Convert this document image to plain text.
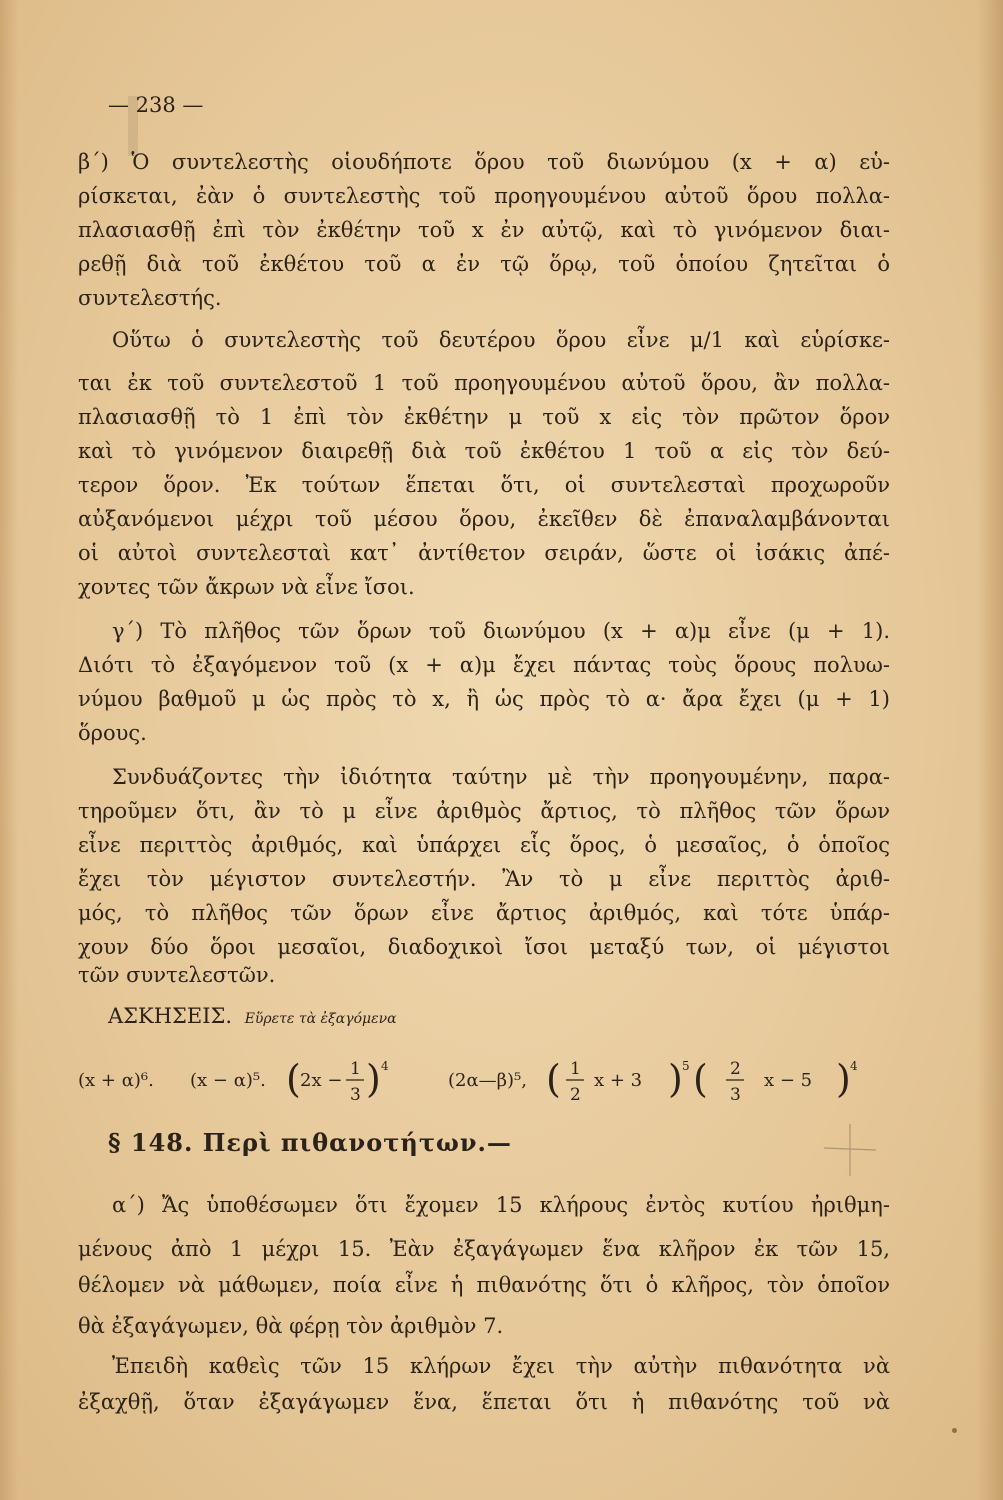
— 238 —
β΄) Ὁ συντελεστὴς οἱουδήποτε ὅρου τοῦ διωνύμου (x + α) εὑ-
ρίσκεται, ἐὰν ὁ συντελεστὴς τοῦ προηγουμένου αὐτοῦ ὅρου πολλα-
πλασιασθῇ ἐπὶ τὸν ἐκθέτην τοῦ x ἐν αὐτῷ, καὶ τὸ γινόμενον διαι-
ρεθῇ διὰ τοῦ ἐκθέτου τοῦ α ἐν τῷ ὅρῳ, τοῦ ὁποίου ζητεῖται ὁ
συντελεστής.
Οὕτω ὁ συντελεστὴς τοῦ δευτέρου ὅρου εἶνε μ/1 καὶ εὑρίσκε-
ται ἐκ τοῦ συντελεστοῦ 1 τοῦ προηγουμένου αὐτοῦ ὅρου, ἂν πολλα-
πλασιασθῇ τὸ 1 ἐπὶ τὸν ἐκθέτην μ τοῦ x εἰς τὸν πρῶτον ὅρον
καὶ τὸ γινόμενον διαιρεθῇ διὰ τοῦ ἐκθέτου 1 τοῦ α εἰς τὸν δεύ-
τερον ὅρον. Ἐκ τούτων ἕπεται ὅτι, οἱ συντελεσταὶ προχωροῦν
αὐξανόμενοι μέχρι τοῦ μέσου ὅρου, ἐκεῖθεν δὲ ἐπαναλαμβάνονται
οἱ αὐτοὶ συντελεσταὶ κατ᾿ ἀντίθετον σειράν, ὥστε οἱ ἰσάκις ἀπέ-
χοντες τῶν ἄκρων νὰ εἶνε ἴσοι.
γ΄) Τὸ πλῆθος τῶν ὅρων τοῦ διωνύμου (x + α)μ εἶνε (μ + 1).
Διότι τὸ ἐξαγόμενον τοῦ (x + α)μ ἔχει πάντας τοὺς ὅρους πολυω-
νύμου βαθμοῦ μ ὡς πρὸς τὸ x, ἢ ὡς πρὸς τὸ α· ἄρα ἔχει (μ + 1)
ὅρους.
Συνδυάζοντες τὴν ἰδιότητα ταύτην μὲ τὴν προηγουμένην, παρα-
τηροῦμεν ὅτι, ἂν τὸ μ εἶνε ἀριθμὸς ἄρτιος, τὸ πλῆθος τῶν ὅρων
εἶνε περιττὸς ἀριθμός, καὶ ὑπάρχει εἷς ὅρος, ὁ μεσαῖος, ὁ ὁποῖος
ἔχει τὸν μέγιστον συντελεστήν. Ἂν τὸ μ εἶνε περιττὸς ἀριθ-
μός, τὸ πλῆθος τῶν ὅρων εἶνε ἄρτιος ἀριθμός, καὶ τότε ὑπάρ-
χουν δύο ὅροι μεσαῖοι, διαδοχικοὶ ἴσοι μεταξύ των, οἱ μέγιστοι
τῶν συντελεστῶν.
ΑΣΚΗΣΕΙΣ. Εὕρετε τὰ ἐξαγόμενα
(x + α)⁶. (x − α)⁵. ( 2x −
1
3 ) 4
(2α—β)⁵, ( 1
2
x + 3 ) 5 ( 2
3
x − 5 ) 4
§ 148. Περὶ πιθανοτήτων.—
α΄) Ἄς ὑποθέσωμεν ὅτι ἔχομεν 15 κλήρους ἐντὸς κυτίου ἠριθμη-
μένους ἀπὸ 1 μέχρι 15. Ἐὰν ἐξαγάγωμεν ἕνα κλῆρον ἐκ τῶν 15,
θέλομεν νὰ μάθωμεν, ποία εἶνε ἡ πιθανότης ὅτι ὁ κλῆρος, τὸν ὁποῖον
θὰ ἐξαγάγωμεν, θὰ φέρῃ τὸν ἀριθμὸν 7.
Ἐπειδὴ καθεὶς τῶν 15 κλήρων ἔχει τὴν αὐτὴν πιθανότητα νὰ
ἐξαχθῇ, ὅταν ἐξαγάγωμεν ἕνα, ἕπεται ὅτι ἡ πιθανότης τοῦ νὰ
